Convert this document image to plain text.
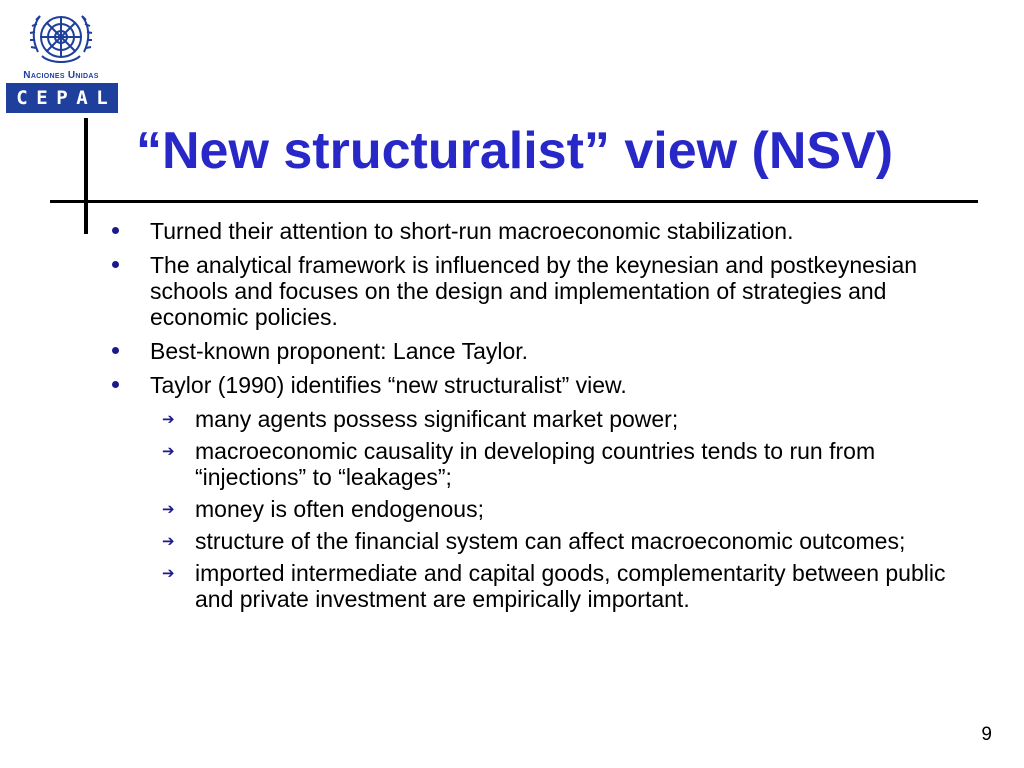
Naciones Unidas
C E P A L
“New structuralist” view (NSV)
Turned their attention to short-run macroeconomic stabilization.
The analytical framework is influenced by the keynesian and postkeynesian schools and focuses on the design and implementation of strategies and economic policies.
Best-known proponent: Lance Taylor.
Taylor (1990) identifies “new structuralist” view.
➔ many agents possess significant market power;
➔ macroeconomic causality in developing countries tends to run from “injections” to “leakages”;
➔ money is often endogenous;
➔ structure of the financial system can affect macroeconomic outcomes;
➔ imported intermediate and capital goods, complementarity between public and private investment are empirically important.
9
